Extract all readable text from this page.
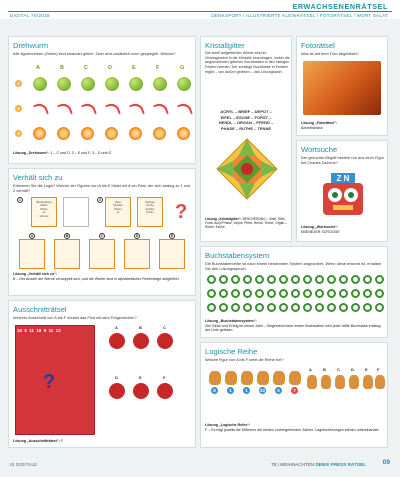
ERWACHSENENRÄTSEL
DIGITAL 76/2018	DENKSPORT / ILLUSTRIERTE KLEINRÄTSEL / FOTORÄTSEL / WORT SALAT
Drehwurm
Alle figurenreihen (Zeilen) sind einander gleich. Zwei sind zusätzlich noch gespiegelt. Welche?
A	B	C	D	E	F	G
1
2
3
Lösung „Drehwurm“: 1 – C und D, 2 – E und F, 3 – D und G
Kristallgitter
Die zwölf aufgeführten Wörter sind im Uhrzeigersinn in die Kristalle einzutragen, wobei die angrenzenden gleichen Buchstaben in den farbigen Feldern stehen. Der sonstige Buchstabe in Feldern ergibt – von außen gelesen – das Lösungswort.
ACRYL – BRIEF – DEPOT –
EIFEL – ESCHE – FORST –
HENDL – ORGAN – PFERD –
PHASE – RUTHE – TENNE
Lösung „Kristallgitter“: BESCHERUNG – Brief, Elfel, Forst, Acryl Phase, Depot, Pferd, Hendl, Tenne, Organ – Ruthe, Esche
Fotorätsel
Was ist auf dem Foto abgebildet?
Lösung „Fotorätsel“:
Adventskranz
Wortsuche
Der gesuchte Begriff besteht nur aus einer Figur bei Charles Dickens?
Z N
Lösung „Wortsuche“:
EBENEZER SCROOGE
Verhält sich zu
Erkennen Sie die Logik? Welche der Figuren von A bis E bildet mit A ein Paar, der sich analog zu 1 und 2 verhält?
1
Bescheidung
Flöten
Plötze
ist
Himmel
2
Boot
Plumber
Flöten
ist
Springer
hurray
Kirsche
Portlm	?
A	B	C	D	E
Lösung „Verhält sich zu“:
B – Der Anzahl der Sterne verdoppelt sich, und die Wörter sind in alphabetischer Reihenfolge aufgeführt.
Buchstabensystem
Die Buchstabenreihe ist nach einem bestimmten System angeordnet. Wenn diese erkannt ist, erhalten Sie den Lösungsspruch.
Lösung „Buchstabensystem“:
Viel Glück und Erfolg im neuen Jahr! – Beginnend beim ersten Buchstaben wird jeder dritte Buchstabe entlang der Linie gelesen.
Ausschnitträtsel
Welcher Ausschnitt von A bis F ersetzt das Feld mit dem Fragezeichen?
?
18 5 11 18 9 11 13
A	B	C
D	E	F
Lösung „Ausschnitträtsel“: F
Logische Reihe
Welche Figur von A bis F setzt die Reihe fort?
8	1	1	22	5	?
A	B	C	D	E F
Lösung „Logische Reihe“:
F – Es folgt jeweils die Differenz der beiden vorhergehenden Zahlen. Lagebeziehungen stehen untereinander.
IS DIGITALE	78 | WEIHNACHTEN DEIKE PRESS RÄTSEL	09
